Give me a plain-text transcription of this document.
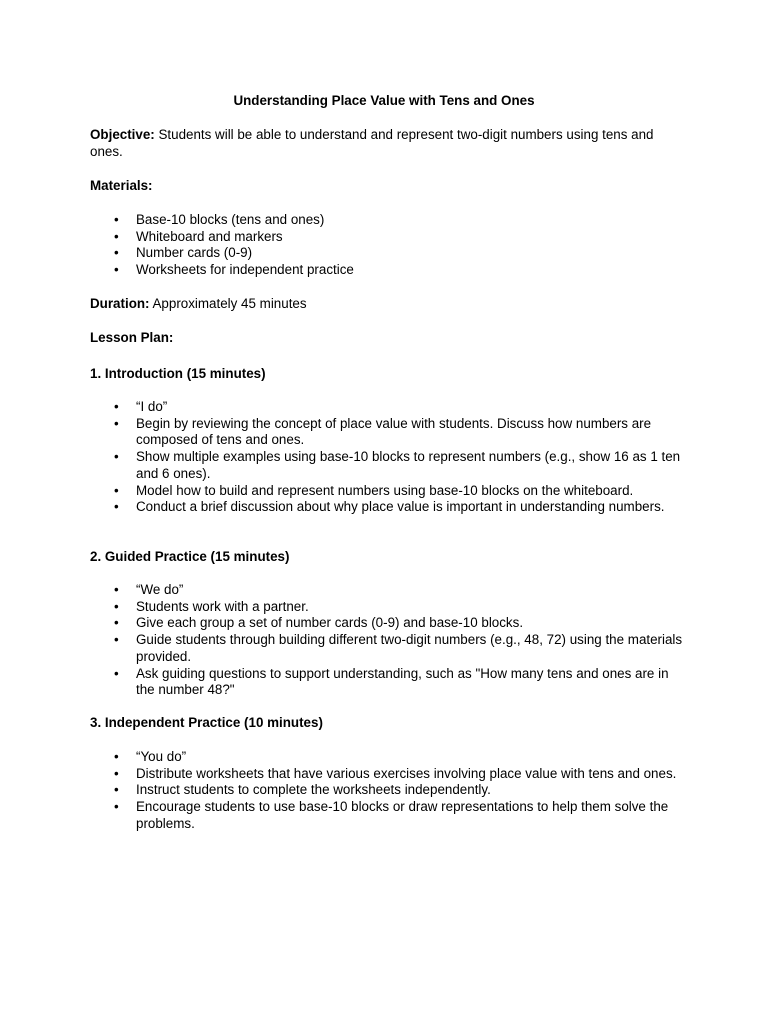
Understanding Place Value with Tens and Ones
Objective: Students will be able to understand and represent two-digit numbers using tens and ones.
Materials:
• Base-10 blocks (tens and ones)
• Whiteboard and markers
• Number cards (0-9)
• Worksheets for independent practice
Duration: Approximately 45 minutes
Lesson Plan:
1. Introduction (15 minutes)
• “I do”
• Begin by reviewing the concept of place value with students. Discuss how numbers are composed of tens and ones.
• Show multiple examples using base-10 blocks to represent numbers (e.g., show 16 as 1 ten and 6 ones).
• Model how to build and represent numbers using base-10 blocks on the whiteboard.
• Conduct a brief discussion about why place value is important in understanding numbers.
2. Guided Practice (15 minutes)
• “We do”
• Students work with a partner.
• Give each group a set of number cards (0-9) and base-10 blocks.
• Guide students through building different two-digit numbers (e.g., 48, 72) using the materials provided.
• Ask guiding questions to support understanding, such as "How many tens and ones are in the number 48?"
3. Independent Practice (10 minutes)
• “You do”
• Distribute worksheets that have various exercises involving place value with tens and ones.
• Instruct students to complete the worksheets independently.
• Encourage students to use base-10 blocks or draw representations to help them solve the problems.
